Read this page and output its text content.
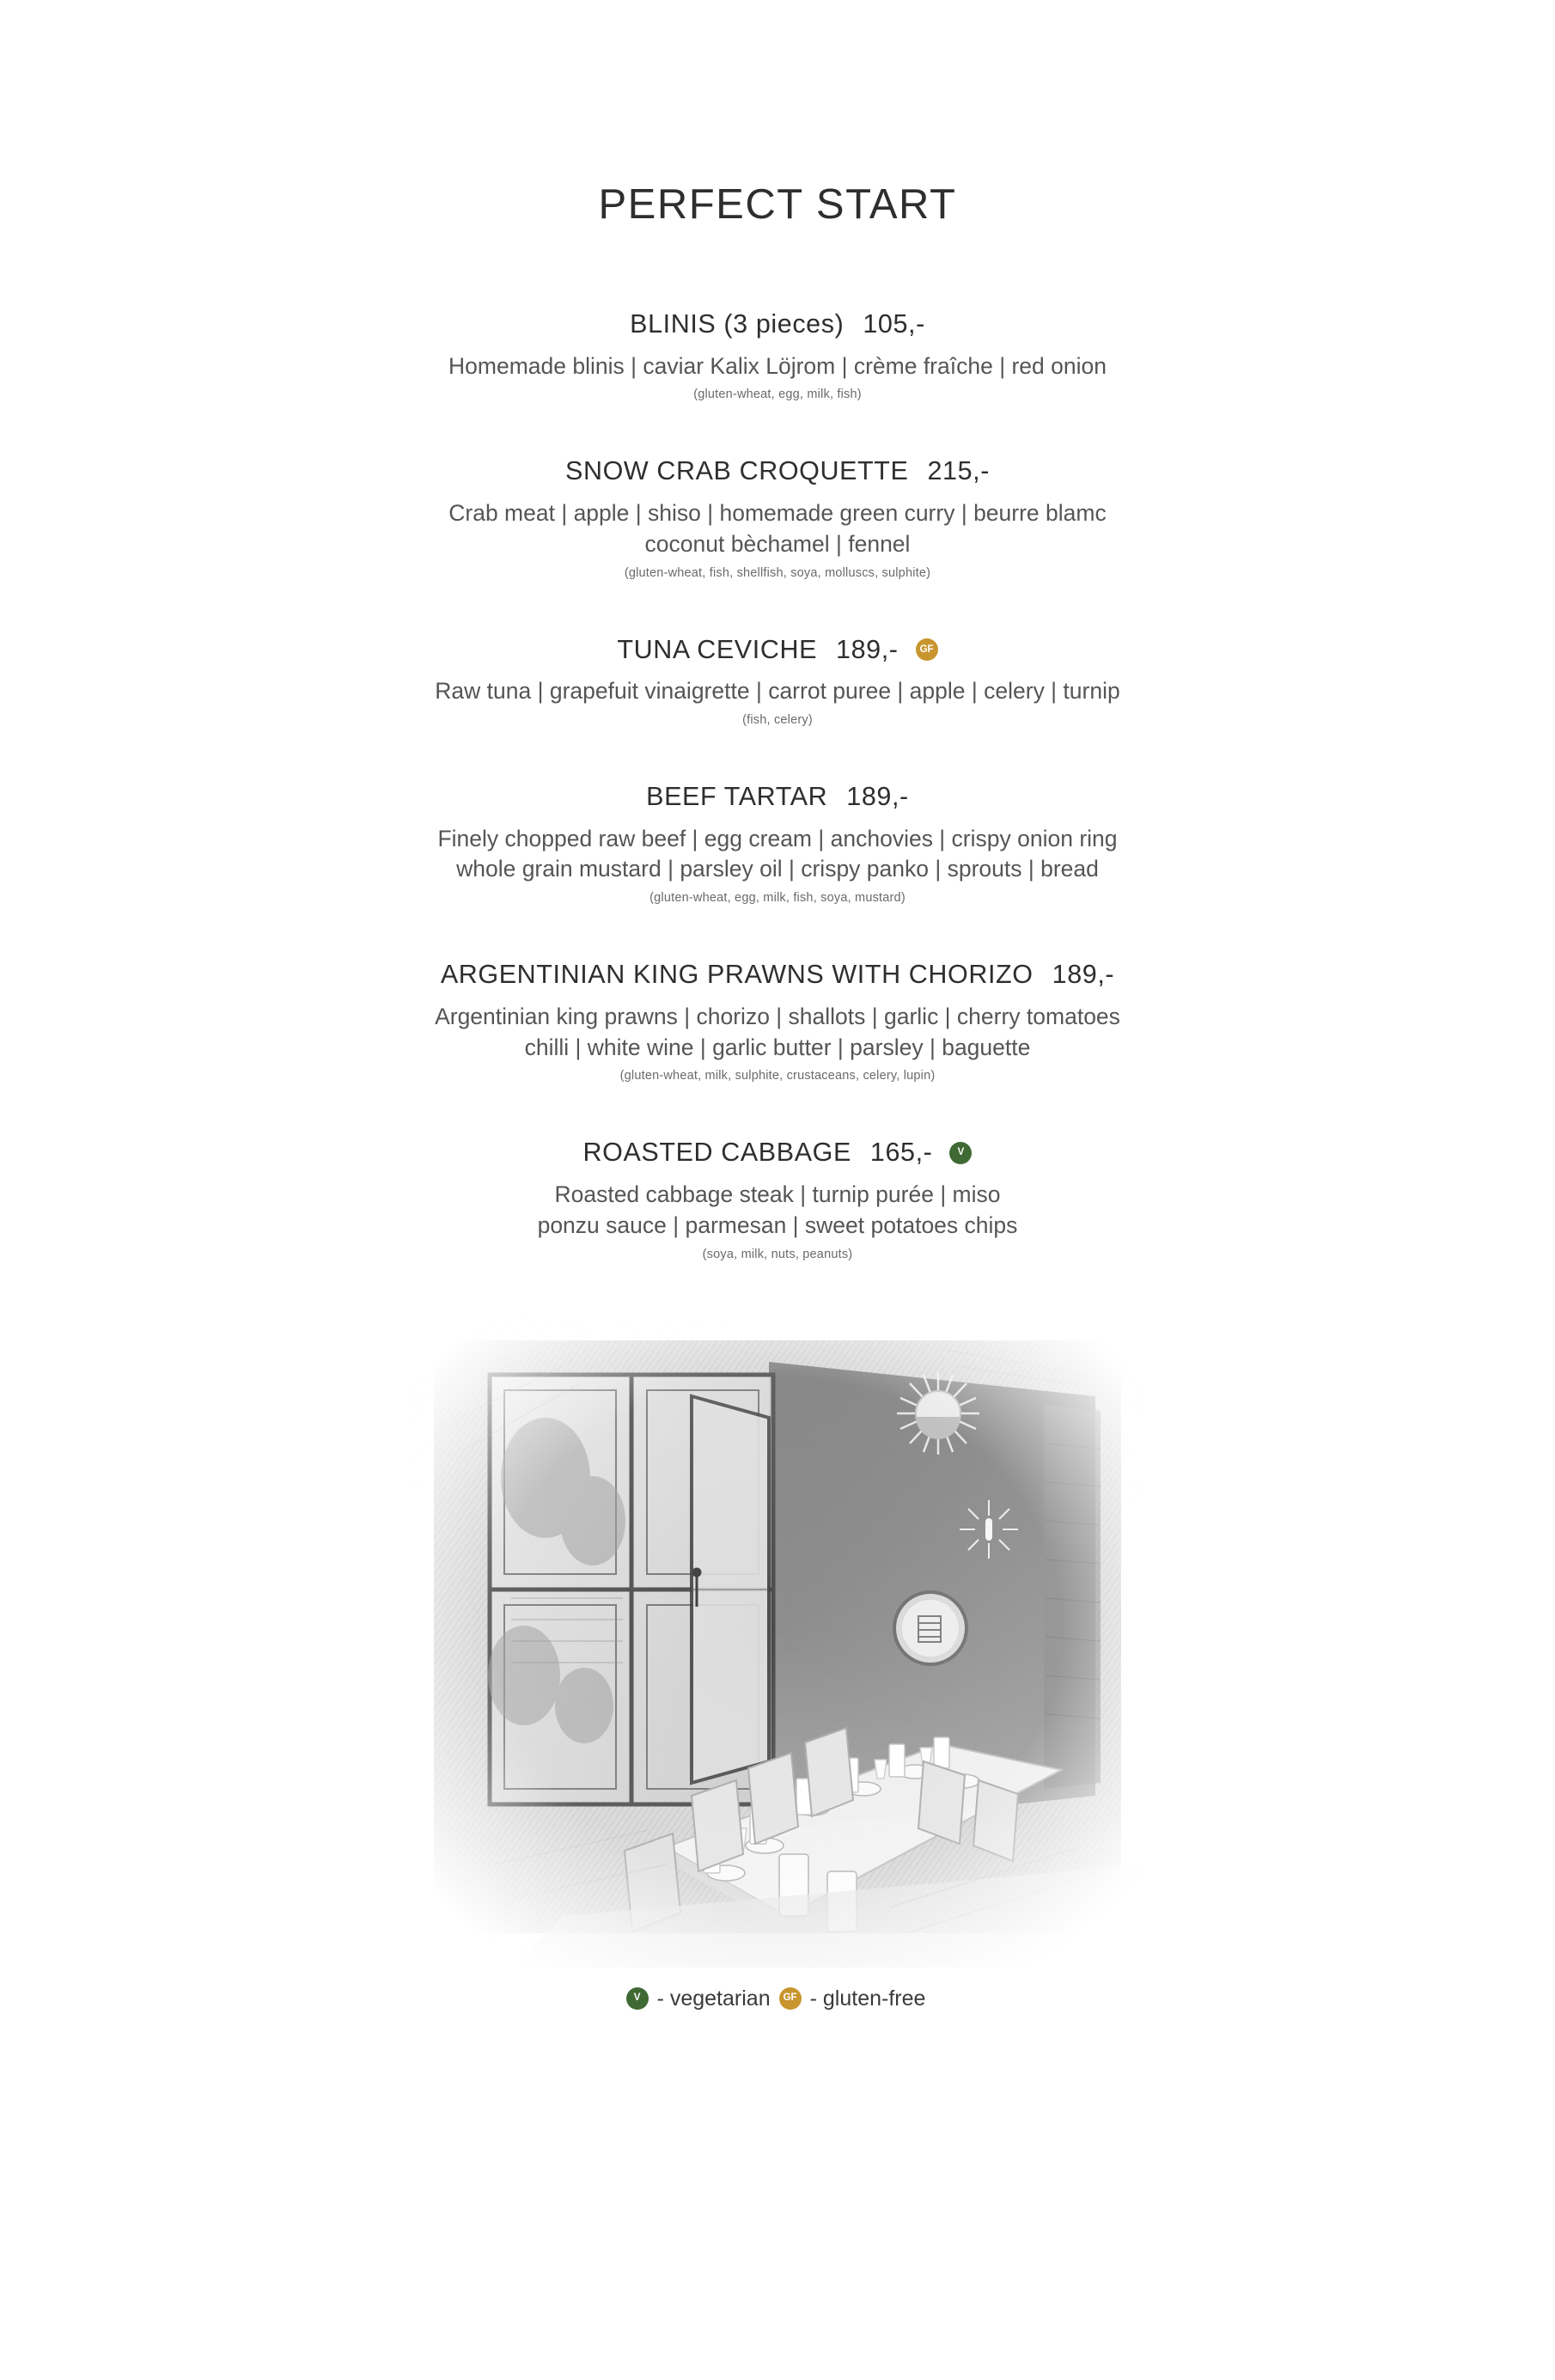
PERFECT START
BLINIS (3 pieces) 105,-
Homemade blinis | caviar Kalix Löjrom | crème fraîche | red onion
(gluten-wheat, egg, milk, fish)
SNOW CRAB CROQUETTE 215,-
Crab meat | apple | shiso | homemade green curry | beurre blamc
coconut bèchamel | fennel
(gluten-wheat, fish, shellfish, soya, molluscs, sulphite)
TUNA CEVICHE 189,-	GF
Raw tuna | grapefuit vinaigrette | carrot puree | apple | celery | turnip
(fish, celery)
BEEF TARTAR 189,-
Finely chopped raw beef | egg cream | anchovies | crispy onion ring
whole grain mustard | parsley oil | crispy panko | sprouts | bread
(gluten-wheat, egg, milk, fish, soya, mustard)
ARGENTINIAN KING PRAWNS WITH CHORIZO 189,-
Argentinian king prawns | chorizo | shallots | garlic | cherry tomatoes
chilli | white wine | garlic butter | parsley | baguette
(gluten-wheat, milk, sulphite, crustaceans, celery, lupin)
ROASTED CABBAGE 165,-	V
Roasted cabbage steak | turnip purée | miso
ponzu sauce | parmesan | sweet potatoes chips
(soya, milk, nuts, peanuts)
V - vegetarian	GF - gluten-free
